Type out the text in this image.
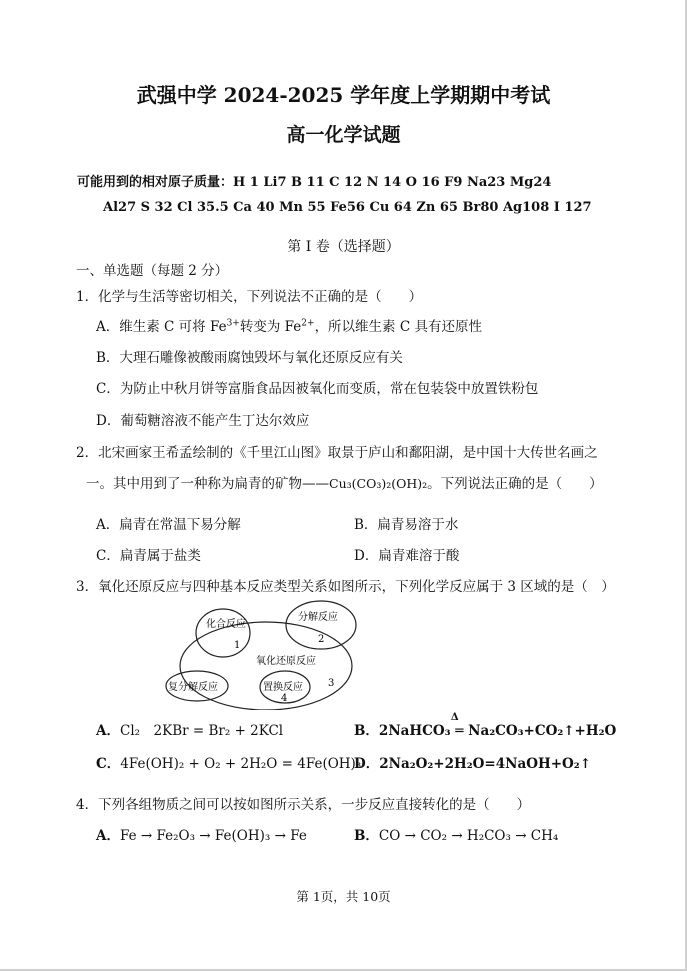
武强中学 2024-2025 学年度上学期期中考试
高一化学试题
可能用到的相对原子质量：H 1 Li7 B 11 C 12 N 14 O 16 F9 Na23 Mg24
Al27 S 32 Cl 35.5 Ca 40 Mn 55 Fe56 Cu 64 Zn 65 Br80 Ag108 I 127
第 I 卷（选择题）
一、单选题（每题 2 分）
1．化学与生活等密切相关，下列说法不正确的是（　　）
A．维生素 C 可将 $Fe^{3+}$转变为 $Fe^{2+}$，所以维生素 C 具有还原性
B．大理石雕像被酸雨腐蚀毁坏与氧化还原反应有关
C．为防止中秋月饼等富脂食品因被氧化而变质，常在包装袋中放置铁粉包
D．葡萄糖溶液不能产生丁达尔效应
2．北宋画家王希孟绘制的《千里江山图》取景于庐山和鄱阳湖，是中国十大传世名画之
一。其中用到了一种称为扁青的矿物——Cu₃(CO₃)₂(OH)₂。下列说法正确的是（　　）
A．扁青在常温下易分解	B．扁青易溶于水
C．扁青属于盐类	D．扁青难溶于酸
3．氧化还原反应与四种基本反应类型关系如图所示，下列化学反应属于 3 区域的是（　）
化合反应
1
分解反应
2
氧化还原反应
复分解反应	置换反应
4
3
A．Cl₂　2KBr = Br₂ + 2KCl	B．
Δ
2NaHCO₃ ═ Na₂CO₃+CO₂↑+H₂O
C．4Fe(OH)₂ + O₂ + 2H₂O = 4Fe(OH)₃
D．2Na₂O₂+2H₂O=4NaOH+O₂↑
4．下列各组物质之间可以按如图所示关系，一步反应直接转化的是（　　）
A．Fe → Fe₂O₃ → Fe(OH)₃ → Fe	B．CO → CO₂ → H₂CO₃ → CH₄
第 1页，共 10页
